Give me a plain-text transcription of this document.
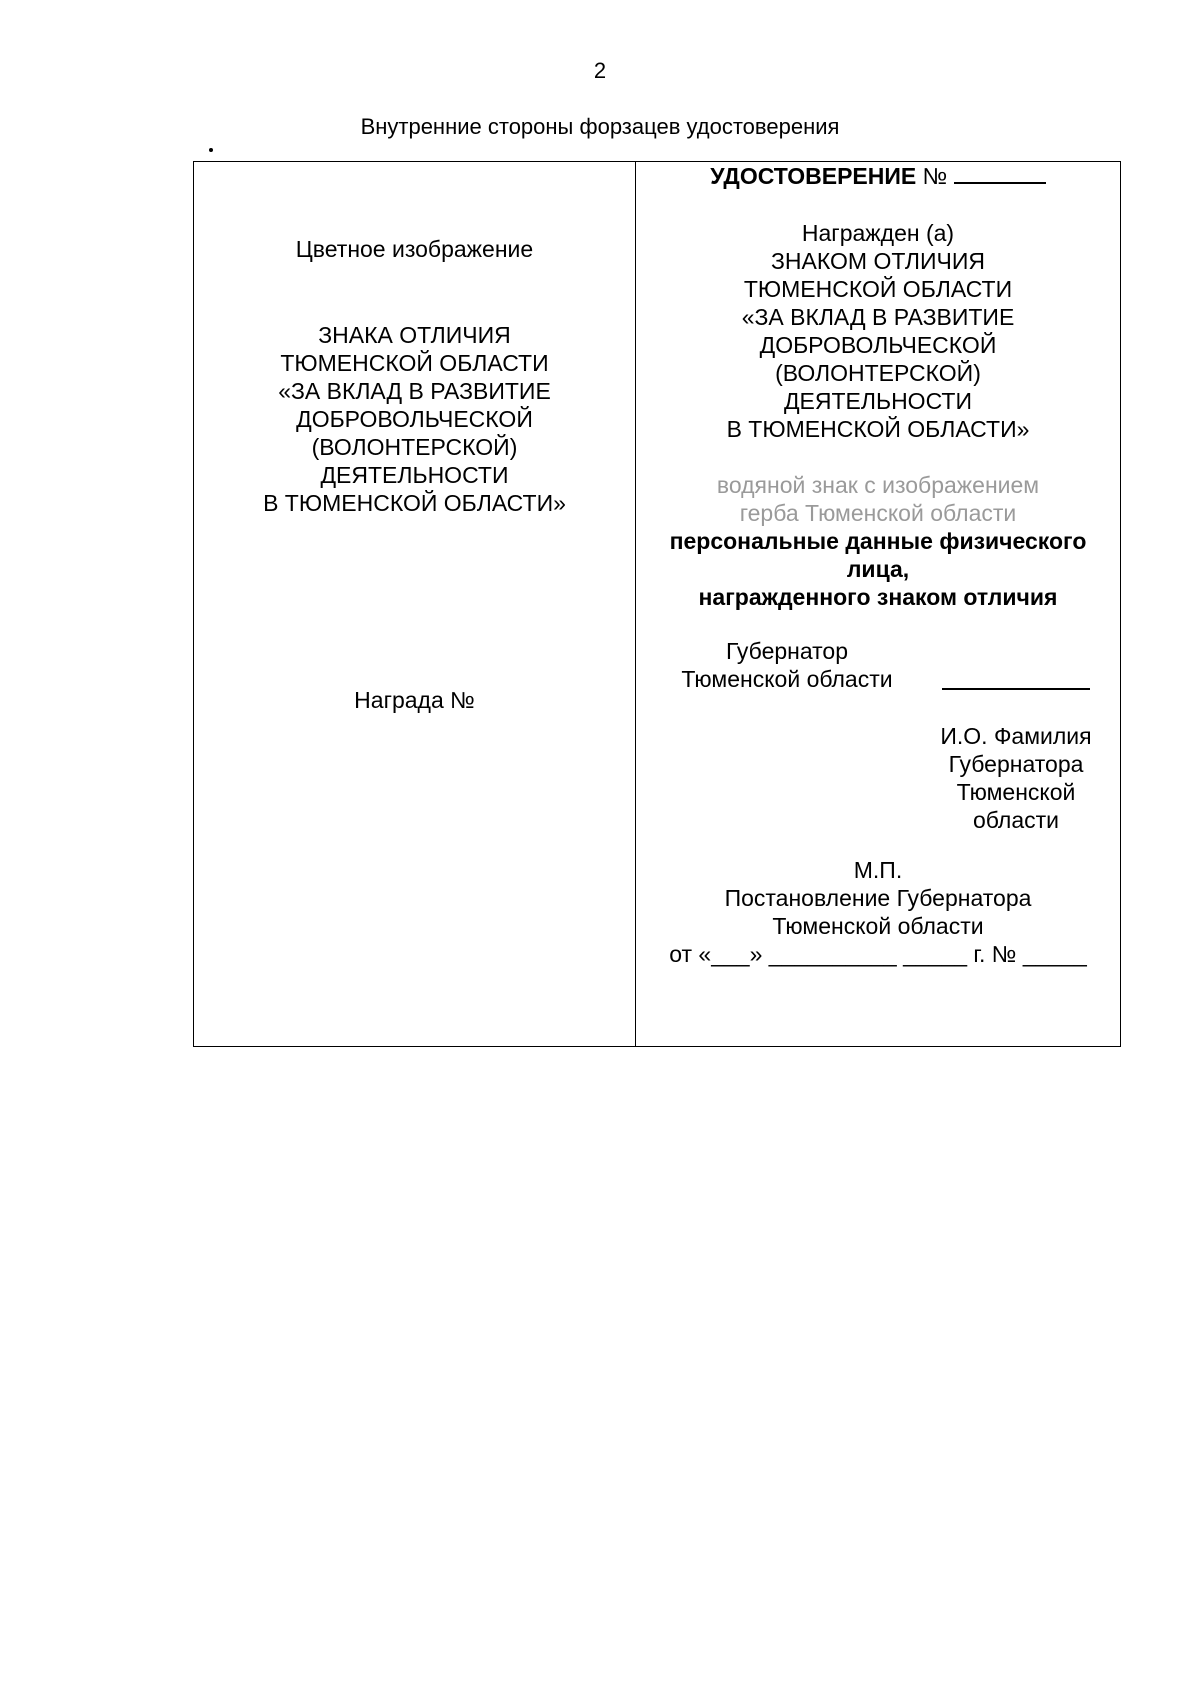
2
Внутренние стороны форзацев удостоверения
Цветное изображение
ЗНАКА ОТЛИЧИЯ
ТЮМЕНСКОЙ ОБЛАСТИ
«ЗА ВКЛАД В РАЗВИТИЕ
ДОБРОВОЛЬЧЕСКОЙ
(ВОЛОНТЕРСКОЙ)
ДЕЯТЕЛЬНОСТИ
В ТЮМЕНСКОЙ ОБЛАСТИ»
Награда №
УДОСТОВЕРЕНИЕ №
Награжден (а)
ЗНАКОМ ОТЛИЧИЯ
ТЮМЕНСКОЙ ОБЛАСТИ
«ЗА ВКЛАД В РАЗВИТИЕ
ДОБРОВОЛЬЧЕСКОЙ
(ВОЛОНТЕРСКОЙ)
ДЕЯТЕЛЬНОСТИ
В ТЮМЕНСКОЙ ОБЛАСТИ»
водяной знак с изображением
герба Тюменской области
персональные данные физического
лица,
награжденного знаком отличия
Губернатор
Тюменской области
И.О. Фамилия
Губернатора
Тюменской
области
М.П.
Постановление Губернатора
Тюменской области
от «___» __________ _____ г. № _____
